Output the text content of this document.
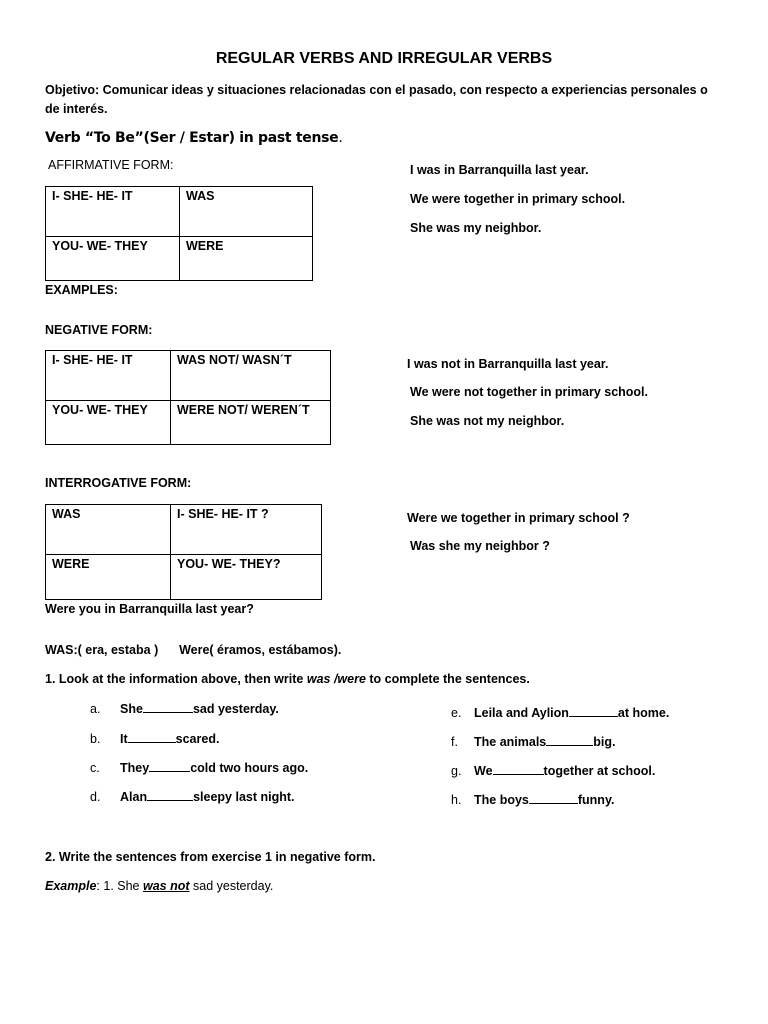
REGULAR VERBS AND IRREGULAR VERBS
Objetivo: Comunicar ideas y situaciones relacionadas con el pasado, con respecto a experiencias personales o de interés.
Verb “To Be”(Ser / Estar) in past tense.
AFFIRMATIVE FORM:
I- SHE- HE- IT	WAS
YOU- WE- THEY	WERE
I was in Barranquilla last year.
We were together in primary school.
She was my neighbor.
EXAMPLES:
NEGATIVE FORM:
I- SHE- HE- IT	WAS NOT/ WASN´T
YOU- WE- THEY	WERE NOT/ WEREN´T
I was not in Barranquilla last year.
We were not together in primary school.
She was not my neighbor.
INTERROGATIVE FORM:
WAS	I- SHE- HE- IT ?
WERE	YOU- WE- THEY?
Were we together in primary school ?
Was she my neighbor ?
Were you in Barranquilla last year?
WAS:( era, estaba )      Were( éramos, estábamos).
1. Look at the information above, then write was /were to complete the sentences.
a. She	sad yesterday.
b. It	scared.
c. They	cold two hours ago.
d. Alan	sleepy last night.
e. Leila and Aylion	at home.
f. The animals	big.
g. We	together at school.
h. The boys	funny.
2. Write the sentences from exercise 1 in negative form.
Example: 1. She was not sad yesterday.
